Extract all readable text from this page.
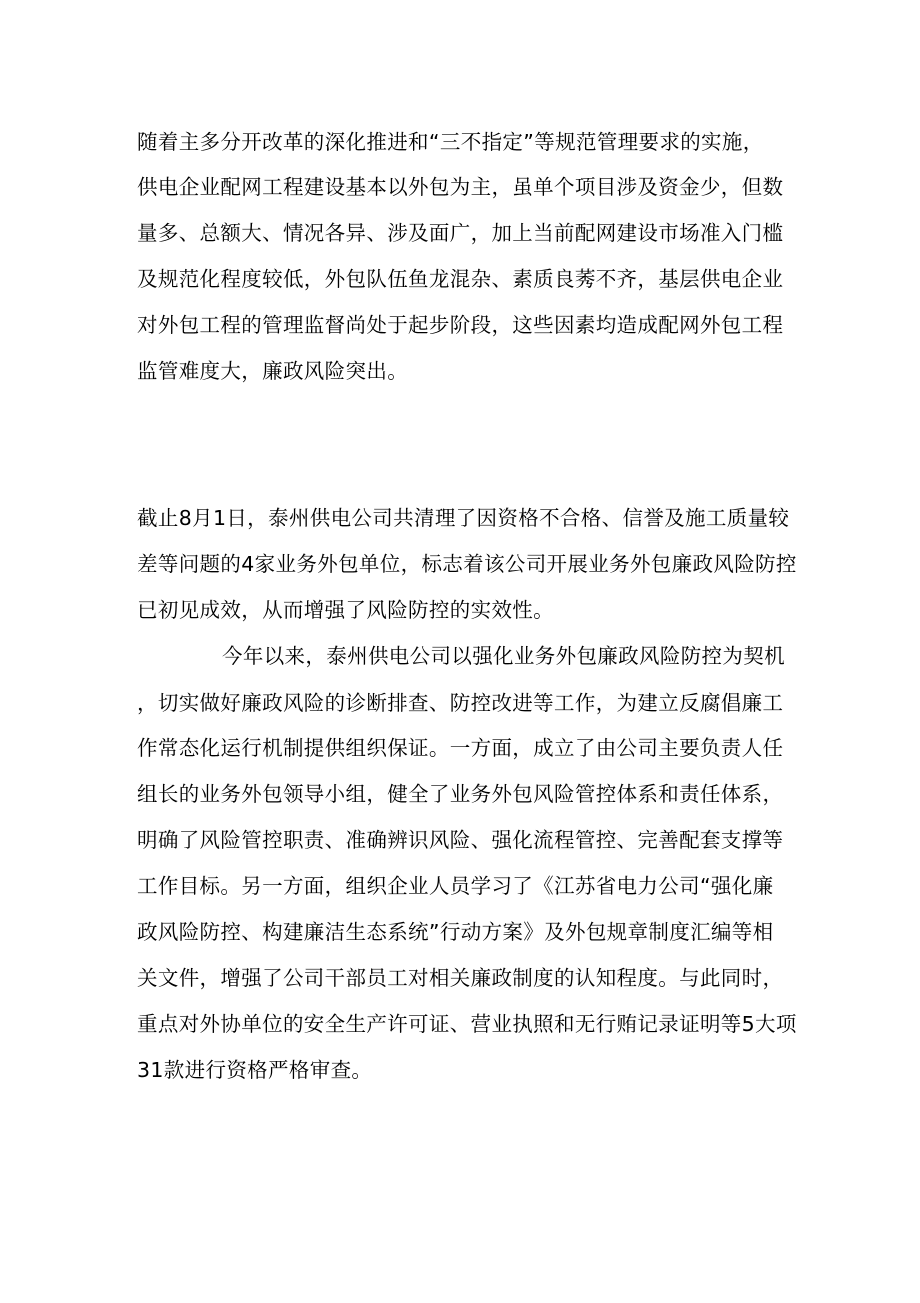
随着主多分开改革的深化推进和“三不指定”等规范管理要求的实施，
供电企业配网工程建设基本以外包为主，虽单个项目涉及资金少，但数
量多、总额大、情况各异、涉及面广，加上当前配网建设市场准入门槛
及规范化程度较低，外包队伍鱼龙混杂、素质良莠不齐，基层供电企业
对外包工程的管理监督尚处于起步阶段，这些因素均造成配网外包工程
监管难度大，廉政风险突出。
截止8月1日，泰州供电公司共清理了因资格不合格、信誉及施工质量较
差等问题的4家业务外包单位，标志着该公司开展业务外包廉政风险防控
已初见成效，从而增强了风险防控的实效性。
今年以来，泰州供电公司以强化业务外包廉政风险防控为契机
，切实做好廉政风险的诊断排查、防控改进等工作，为建立反腐倡廉工
作常态化运行机制提供组织保证。一方面，成立了由公司主要负责人任
组长的业务外包领导小组，健全了业务外包风险管控体系和责任体系，
明确了风险管控职责、准确辨识风险、强化流程管控、完善配套支撑等
工作目标。另一方面，组织企业人员学习了《江苏省电力公司“强化廉
政风险防控、构建廉洁生态系统”行动方案》及外包规章制度汇编等相
关文件，增强了公司干部员工对相关廉政制度的认知程度。与此同时，
重点对外协单位的安全生产许可证、营业执照和无行贿记录证明等5大项
31款进行资格严格审查。
